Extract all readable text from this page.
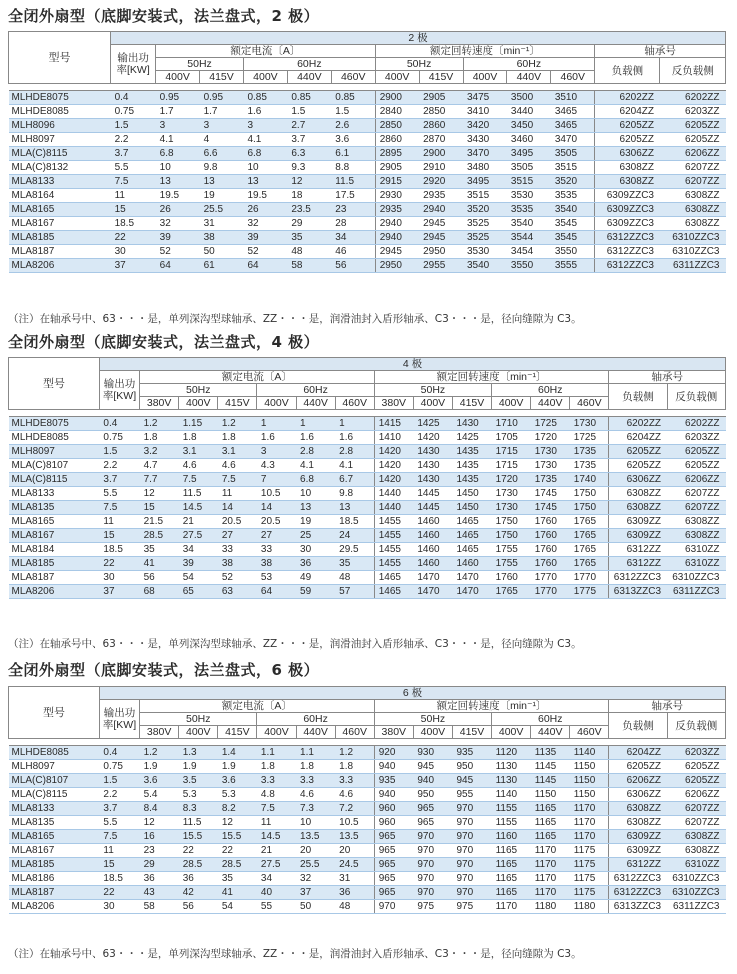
全闭外扇型（底脚安装式，法兰盘式，2 极）
型号	2 极												
	输出功率[KW]	额定电流〔A〕					额定回转速度〔min⁻¹〕					轴承号	
		50Hz		60Hz			50Hz		60Hz			负载侧	反负载侧
		400V	415V	400V	440V	460V	400V	415V	400V	440V	460V		

MLHDE8075	0.4	0.95	0.95	0.85	0.85	0.85	2900	2905	3475	3500	3510	6202ZZ	6202ZZ
MLHDE8085	0.75	1.7	1.7	1.6	1.5	1.5	2840	2850	3410	3440	3465	6204ZZ	6203ZZ
MLH8096	1.5	3	3	3	2.7	2.6	2850	2860	3420	3450	3465	6205ZZ	6205ZZ
MLH8097	2.2	4.1	4	4.1	3.7	3.6	2860	2870	3430	3460	3470	6205ZZ	6205ZZ
MLA(C)8115	3.7	6.8	6.6	6.8	6.3	6.1	2895	2900	3470	3495	3505	6306ZZ	6206ZZ
MLA(C)8132	5.5	10	9.8	10	9.3	8.8	2905	2910	3480	3505	3515	6308ZZ	6207ZZ
MLA8133	7.5	13	13	13	12	11.5	2915	2920	3495	3515	3520	6308ZZ	6207ZZ
MLA8164	11	19.5	19	19.5	18	17.5	2930	2935	3515	3530	3535	6309ZZC3	6308ZZ
MLA8165	15	26	25.5	26	23.5	23	2935	2940	3520	3535	3540	6309ZZC3	6308ZZ
MLA8167	18.5	32	31	32	29	28	2940	2945	3525	3540	3545	6309ZZC3	6308ZZ
MLA8185	22	39	38	39	35	34	2940	2945	3525	3544	3545	6312ZZC3	6310ZZC3
MLA8187	30	52	50	52	48	46	2945	2950	3530	3454	3550	6312ZZC3	6310ZZC3
MLA8206	37	64	61	64	58	56	2950	2955	3540	3550	3555	6312ZZC3	6311ZZC3
（注）在轴承号中、63・・・是，单列深沟型球轴承、ZZ・・・是，润滑油封入盾形轴承、C3・・・是，径向缝隙为 C3。
全闭外扇型（底脚安装式，法兰盘式，4 极）
型号	4 极														
	输出功率[KW]	额定电流〔A〕						额定回转速度〔min⁻¹〕						轴承号	
		50Hz			60Hz			50Hz			60Hz			负载侧	反负载侧
		380V	400V	415V	400V	440V	460V	380V	400V	415V	400V	440V	460V		

MLHDE8075	0.4	1.2	1.15	1.2	1	1	1	1415	1425	1430	1710	1725	1730	6202ZZ	6202ZZ
MLHDE8085	0.75	1.8	1.8	1.8	1.6	1.6	1.6	1410	1420	1425	1705	1720	1725	6204ZZ	6203ZZ
MLH8097	1.5	3.2	3.1	3.1	3	2.8	2.8	1420	1430	1435	1715	1730	1735	6205ZZ	6205ZZ
MLA(C)8107	2.2	4.7	4.6	4.6	4.3	4.1	4.1	1420	1430	1435	1715	1730	1735	6205ZZ	6205ZZ
MLA(C)8115	3.7	7.7	7.5	7.5	7	6.8	6.7	1420	1430	1435	1720	1735	1740	6306ZZ	6206ZZ
MLA8133	5.5	12	11.5	11	10.5	10	9.8	1440	1445	1450	1730	1745	1750	6308ZZ	6207ZZ
MLA8135	7.5	15	14.5	14	14	13	13	1440	1445	1450	1730	1745	1750	6308ZZ	6207ZZ
MLA8165	11	21.5	21	20.5	20.5	19	18.5	1455	1460	1465	1750	1760	1765	6309ZZ	6308ZZ
MLA8167	15	28.5	27.5	27	27	25	24	1455	1460	1465	1750	1760	1765	6309ZZ	6308ZZ
MLA8184	18.5	35	34	33	33	30	29.5	1455	1460	1465	1755	1760	1765	6312ZZ	6310ZZ
MLA8185	22	41	39	38	38	36	35	1455	1460	1460	1755	1760	1765	6312ZZ	6310ZZ
MLA8187	30	56	54	52	53	49	48	1465	1470	1470	1760	1770	1770	6312ZZC3	6310ZZC3
MLA8206	37	68	65	63	64	59	57	1465	1470	1470	1765	1770	1775	6313ZZC3	6311ZZC3
（注）在轴承号中、63・・・是，单列深沟型球轴承、ZZ・・・是，润滑油封入盾形轴承、C3・・・是，径向缝隙为 C3。
全闭外扇型（底脚安装式，法兰盘式，6 极）
型号	6 极														
	输出功率[KW]	额定电流〔A〕						额定回转速度〔min⁻¹〕						轴承号	
		50Hz			60Hz			50Hz			60Hz			负载侧	反负载侧
		380V	400V	415V	400V	440V	460V	380V	400V	415V	400V	440V	460V		

MLHDE8085	0.4	1.2	1.3	1.4	1.1	1.1	1.2	920	930	935	1120	1135	1140	6204ZZ	6203ZZ
MLH8097	0.75	1.9	1.9	1.9	1.8	1.8	1.8	940	945	950	1130	1145	1150	6205ZZ	6205ZZ
MLA(C)8107	1.5	3.6	3.5	3.6	3.3	3.3	3.3	935	940	945	1130	1145	1150	6206ZZ	6205ZZ
MLA(C)8115	2.2	5.4	5.3	5.3	4.8	4.6	4.6	940	950	955	1140	1150	1150	6306ZZ	6206ZZ
MLA8133	3.7	8.4	8.3	8.2	7.5	7.3	7.2	960	965	970	1155	1165	1170	6308ZZ	6207ZZ
MLA8135	5.5	12	11.5	12	11	10	10.5	960	965	970	1155	1165	1170	6308ZZ	6207ZZ
MLA8165	7.5	16	15.5	15.5	14.5	13.5	13.5	965	970	970	1160	1165	1170	6309ZZ	6308ZZ
MLA8167	11	23	22	22	21	20	20	965	970	970	1165	1170	1175	6309ZZ	6308ZZ
MLA8185	15	29	28.5	28.5	27.5	25.5	24.5	965	970	970	1165	1170	1175	6312ZZ	6310ZZ
MLA8186	18.5	36	36	35	34	32	31	965	970	970	1165	1170	1175	6312ZZC3	6310ZZC3
MLA8187	22	43	42	41	40	37	36	965	970	970	1165	1170	1175	6312ZZC3	6310ZZC3
MLA8206	30	58	56	54	55	50	48	970	975	975	1170	1180	1180	6313ZZC3	6311ZZC3
（注）在轴承号中、63・・・是，单列深沟型球轴承、ZZ・・・是，润滑油封入盾形轴承、C3・・・是，径向缝隙为 C3。
